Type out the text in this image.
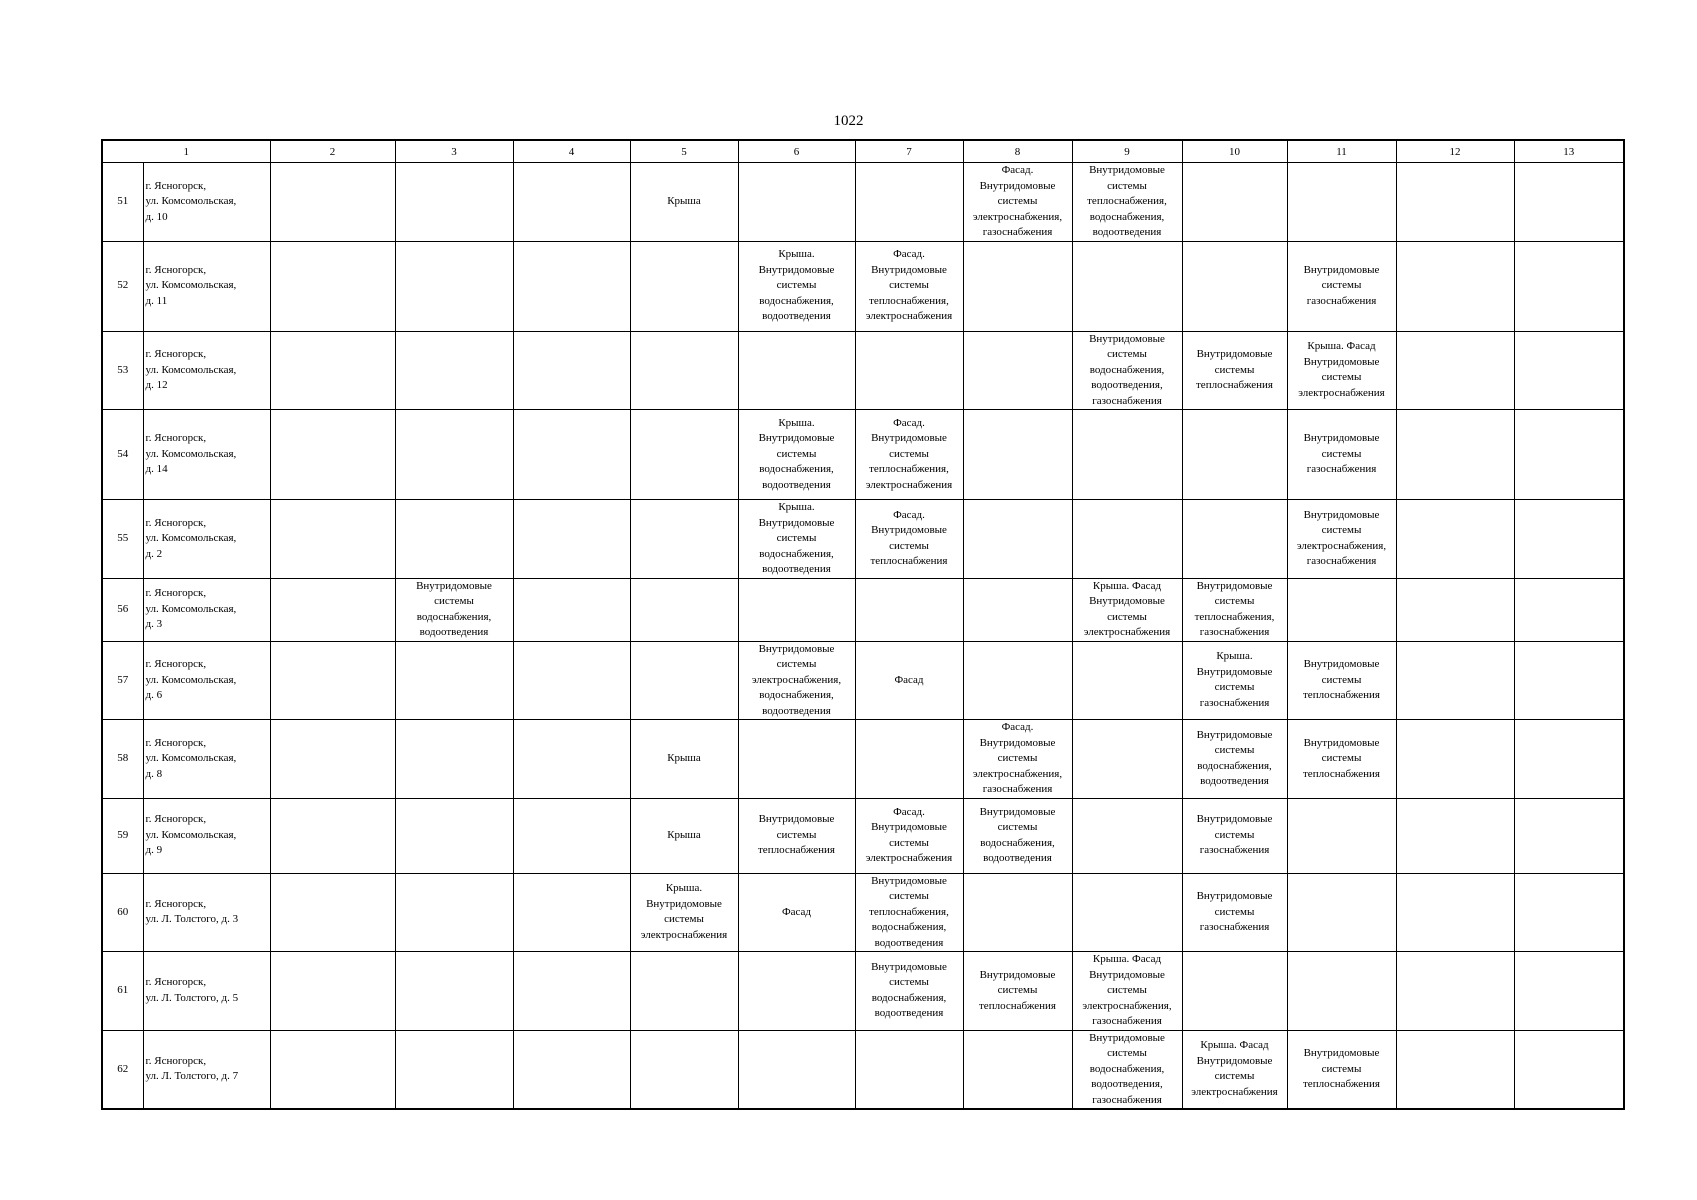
1022
1		2	3	4	5	6	7	8	9	10	11	12	13
51	г. Ясногорск,
ул. Комсомольская,
д. 10				Крыша			Фасад.
Внутридомовые
системы
электроснабжения,
газоснабжения	Внутридомовые
системы
теплоснабжения,
водоснабжения,
водоотведения				
52	г. Ясногорск,
ул. Комсомольская,
д. 11					Крыша.
Внутридомовые
системы
водоснабжения,
водоотведения	Фасад.
Внутридомовые
системы
теплоснабжения,
электроснабжения				Внутридомовые
системы
газоснабжения		
53	г. Ясногорск,
ул. Комсомольская,
д. 12								Внутридомовые
системы
водоснабжения,
водоотведения,
газоснабжения	Внутридомовые
системы
теплоснабжения	Крыша. Фасад
Внутридомовые
системы
электроснабжения		
54	г. Ясногорск,
ул. Комсомольская,
д. 14					Крыша.
Внутридомовые
системы
водоснабжения,
водоотведения	Фасад.
Внутридомовые
системы
теплоснабжения,
электроснабжения				Внутридомовые
системы
газоснабжения		
55	г. Ясногорск,
ул. Комсомольская,
д. 2					Крыша.
Внутридомовые
системы
водоснабжения,
водоотведения	Фасад.
Внутридомовые
системы
теплоснабжения				Внутридомовые
системы
электроснабжения,
газоснабжения		
56	г. Ясногорск,
ул. Комсомольская,
д. 3		Внутридомовые
системы
водоснабжения,
водоотведения						Крыша. Фасад
Внутридомовые
системы
электроснабжения	Внутридомовые
системы
теплоснабжения,
газоснабжения			
57	г. Ясногорск,
ул. Комсомольская,
д. 6					Внутридомовые
системы
электроснабжения,
водоснабжения,
водоотведения	Фасад			Крыша.
Внутридомовые
системы
газоснабжения	Внутридомовые
системы
теплоснабжения		
58	г. Ясногорск,
ул. Комсомольская,
д. 8				Крыша			Фасад.
Внутридомовые
системы
электроснабжения,
газоснабжения		Внутридомовые
системы
водоснабжения,
водоотведения	Внутридомовые
системы
теплоснабжения		
59	г. Ясногорск,
ул. Комсомольская,
д. 9				Крыша	Внутридомовые
системы
теплоснабжения	Фасад.
Внутридомовые
системы
электроснабжения	Внутридомовые
системы
водоснабжения,
водоотведения		Внутридомовые
системы
газоснабжения			
60	г. Ясногорск,
ул. Л. Толстого, д. 3				Крыша.
Внутридомовые
системы
электроснабжения	Фасад	Внутридомовые
системы
теплоснабжения,
водоснабжения,
водоотведения			Внутридомовые
системы
газоснабжения			
61	г. Ясногорск,
ул. Л. Толстого, д. 5						Внутридомовые
системы
водоснабжения,
водоотведения	Внутридомовые
системы
теплоснабжения	Крыша. Фасад
Внутридомовые
системы
электроснабжения,
газоснабжения				
62	г. Ясногорск,
ул. Л. Толстого, д. 7								Внутридомовые
системы
водоснабжения,
водоотведения,
газоснабжения	Крыша. Фасад
Внутридомовые
системы
электроснабжения	Внутридомовые
системы
теплоснабжения		
